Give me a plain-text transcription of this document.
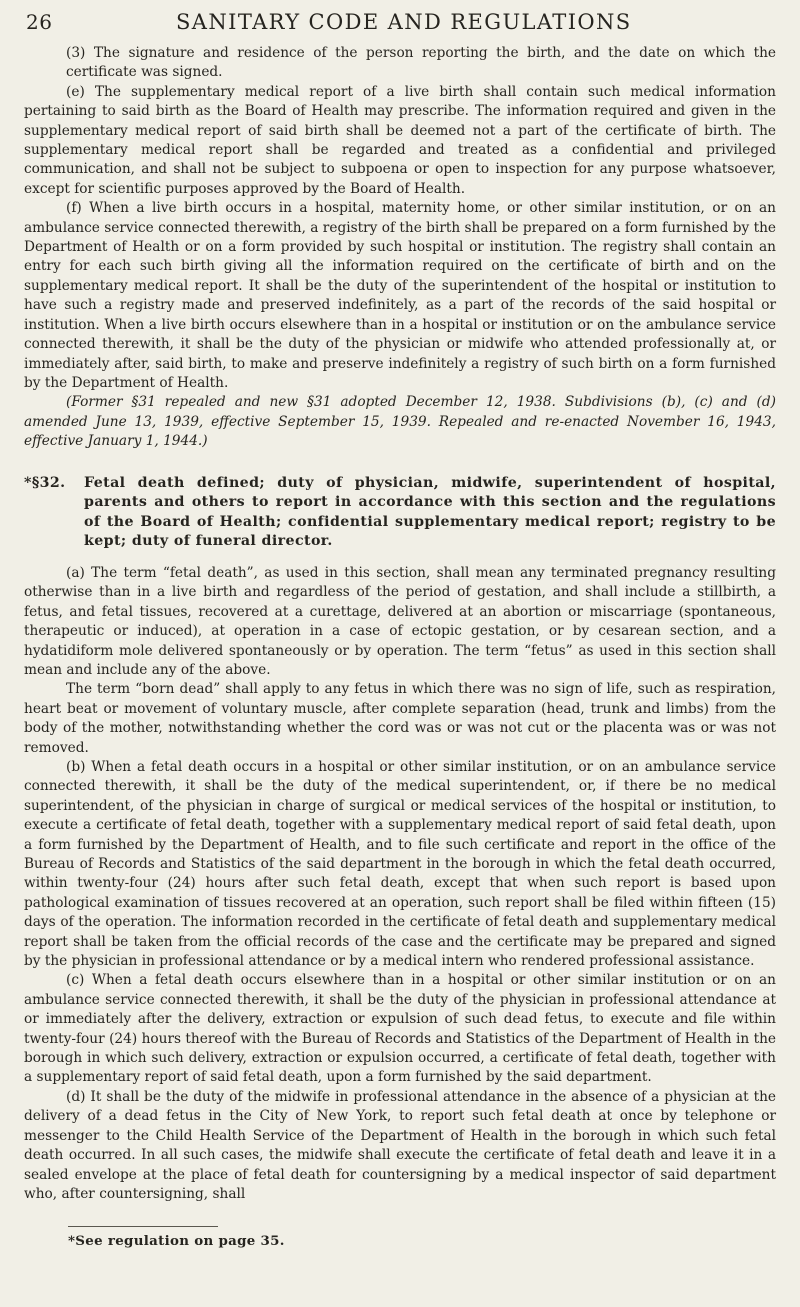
26	SANITARY CODE AND REGULATIONS

(3) The signature and residence of the person reporting the birth, and the date on which the certificate was signed.

(e) The supplementary medical report of a live birth shall contain such medical information pertaining to said birth as the Board of Health may prescribe. The information required and given in the supplementary medical report of said birth shall be deemed not a part of the certificate of birth. The supplementary medical report shall be regarded and treated as a confidential and privileged communication, and shall not be subject to subpoena or open to inspection for any purpose whatsoever, except for scientific purposes approved by the Board of Health.

(f) When a live birth occurs in a hospital, maternity home, or other similar institution, or on an ambulance service connected therewith, a registry of the birth shall be prepared on a form furnished by the Department of Health or on a form provided by such hospital or institution. The registry shall contain an entry for each such birth giving all the information required on the certificate of birth and on the supplementary medical report. It shall be the duty of the superintendent of the hospital or institution to have such a registry made and preserved indefinitely, as a part of the records of the said hospital or institution. When a live birth occurs elsewhere than in a hospital or institution or on the ambulance service connected therewith, it shall be the duty of the physician or midwife who attended professionally at, or immediately after, said birth, to make and preserve indefinitely a registry of such birth on a form furnished by the Department of Health.

(Former §31 repealed and new §31 adopted December 12, 1938. Subdivisions (b), (c) and (d) amended June 13, 1939, effective September 15, 1939. Repealed and re-enacted November 16, 1943, effective January 1, 1944.)

*§32.	Fetal death defined; duty of physician, midwife, superintendent of hospital, parents and others to report in accordance with this section and the regulations of the Board of Health; confidential supplementary medical report; registry to be kept; duty of funeral director.

(a) The term “fetal death”, as used in this section, shall mean any terminated pregnancy resulting otherwise than in a live birth and regardless of the period of gestation, and shall include a stillbirth, a fetus, and fetal tissues, recovered at a curettage, delivered at an abortion or miscarriage (spontaneous, therapeutic or induced), at operation in a case of ectopic gestation, or by cesarean section, and a hydatidiform mole delivered spontaneously or by operation. The term “fetus” as used in this section shall mean and include any of the above.

The term “born dead” shall apply to any fetus in which there was no sign of life, such as respiration, heart beat or movement of voluntary muscle, after complete separation (head, trunk and limbs) from the body of the mother, notwithstanding whether the cord was or was not cut or the placenta was or was not removed.

(b) When a fetal death occurs in a hospital or other similar institution, or on an ambulance service connected therewith, it shall be the duty of the medical superintendent, or, if there be no medical superintendent, of the physician in charge of surgical or medical services of the hospital or institution, to execute a certificate of fetal death, together with a supplementary medical report of said fetal death, upon a form furnished by the Department of Health, and to file such certificate and report in the office of the Bureau of Records and Statistics of the said department in the borough in which the fetal death occurred, within twenty-four (24) hours after such fetal death, except that when such report is based upon pathological examination of tissues recovered at an operation, such report shall be filed within fifteen (15) days of the operation. The information recorded in the certificate of fetal death and supplementary medical report shall be taken from the official records of the case and the certificate may be prepared and signed by the physician in professional attendance or by a medical intern who rendered professional assistance.

(c) When a fetal death occurs elsewhere than in a hospital or other similar institution or on an ambulance service connected therewith, it shall be the duty of the physician in professional attendance at or immediately after the delivery, extraction or expulsion of such dead fetus, to execute and file within twenty-four (24) hours thereof with the Bureau of Records and Statistics of the Department of Health in the borough in which such delivery, extraction or expulsion occurred, a certificate of fetal death, together with a supplementary report of said fetal death, upon a form furnished by the said department.

(d) It shall be the duty of the midwife in professional attendance in the absence of a physician at the delivery of a dead fetus in the City of New York, to report such fetal death at once by telephone or messenger to the Child Health Service of the Department of Health in the borough in which such fetal death occurred. In all such cases, the midwife shall execute the certificate of fetal death and leave it in a sealed envelope at the place of fetal death for countersigning by a medical inspector of said department who, after countersigning, shall

*See regulation on page 35.
